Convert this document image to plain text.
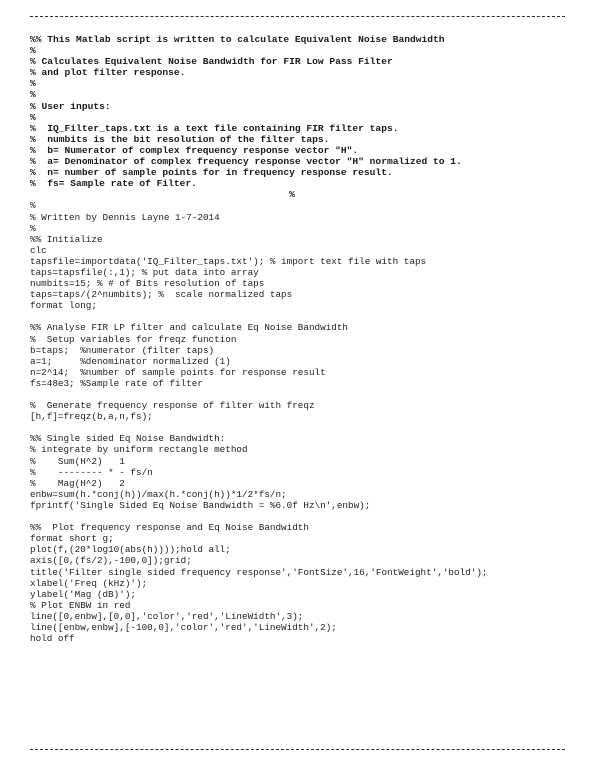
%% This Matlab script is written to calculate Equivalent Noise Bandwidth
%
% Calculates Equivalent Noise Bandwidth for FIR Low Pass Filter
% and plot filter response.
%
%
% User inputs:
%
%  IQ_Filter_taps.txt is a text file containing FIR filter taps.
%  numbits is the bit resolution of the filter taps.
%  b= Numerator of complex frequency response vector "H".
%  a= Denominator of complex frequency response vector "H" normalized to 1.
%  n= number of sample points for in frequency response result.
%  fs= Sample rate of Filter.
%
%
% Written by Dennis Layne 1-7-2014
%
%% Initialize
clc
tapsfile=importdata('IQ_Filter_taps.txt'); % import text file with taps
taps=tapsfile(:,1); % put data into array
numbits=15; % # of Bits resolution of taps
taps=taps/(2^numbits); %  scale normalized taps
format long;
%% Analyse FIR LP filter and calculate Eq Noise Bandwidth
%  Setup variables for freqz function
b=taps;  %numerator (filter taps)
a=1;     %denominator normalized (1)
n=2^14;  %number of sample points for response result
fs=48e3; %Sample rate of filter
%  Generate frequency response of filter with freqz
[h,f]=freqz(b,a,n,fs);
%% Single sided Eq Noise Bandwidth:
% integrate by uniform rectangle method
%    Sum(H^2)   1
%    -------- * - fs/n
%    Mag(H^2)   2
enbw=sum(h.*conj(h))/max(h.*conj(h))*1/2*fs/n;
fprintf('Single Sided Eq Noise Bandwidth = %6.0f Hz\n',enbw);
%%  Plot frequency response and Eq Noise Bandwidth
format short g;
plot(f,(20*log10(abs(h))));hold all;
axis([0,(fs/2),-100,0]);grid;
title('Filter single sided frequency response','FontSize',16,'FontWeight','bold');
xlabel('Freq (kHz)');
ylabel('Mag (dB)');
% Plot ENBW in red
line([0,enbw],[0,0],'color','red','LineWidth',3);
line([enbw,enbw],[-100,0],'color','red','LineWidth',2);
hold off
